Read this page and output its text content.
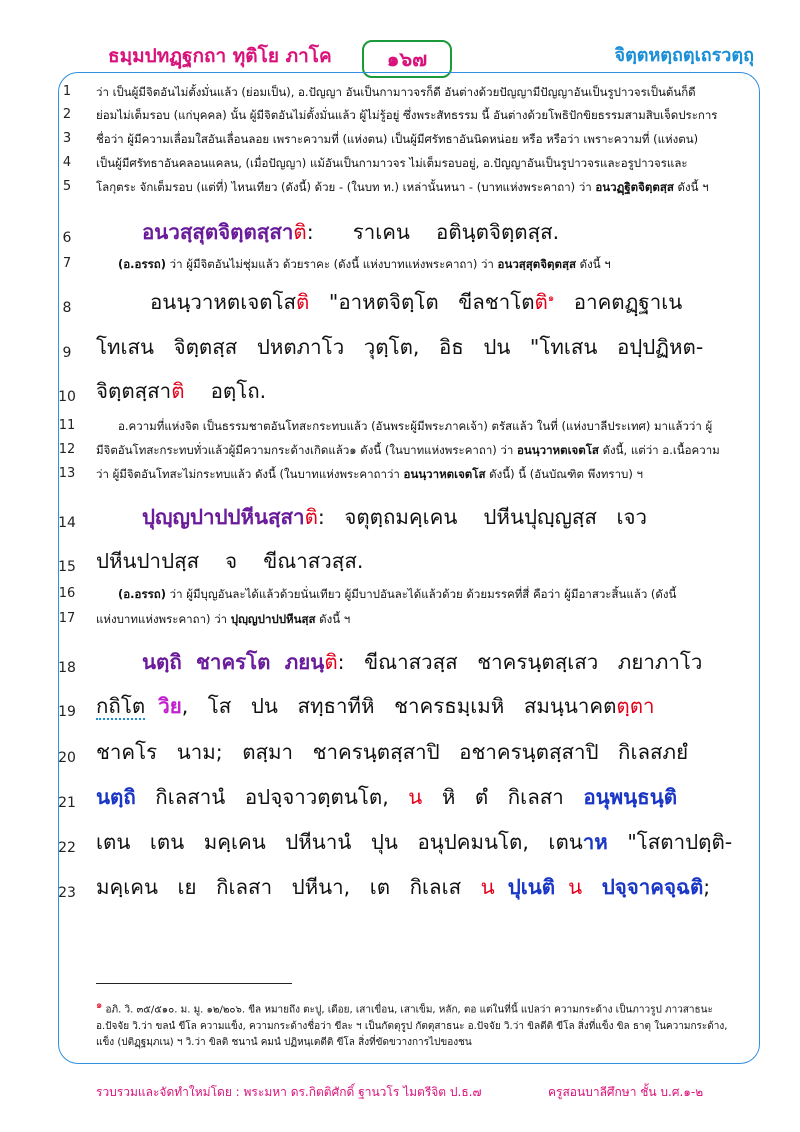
ธมฺมปทฏฺฐกถา ทุติโย ภาโค	๑๖๗	จิตฺตหตฺถตฺเถรวตฺถุ
1	ว่า เป็นผู้มีจิตอันไม่ตั้งมั่นแล้ว (ย่อมเป็น), อ.ปัญญา อันเป็นกามาวจรก็ดี อันต่างด้วยปัญญามีปัญญาอันเป็นรูปาวจรเป็นต้นก็ดี
2	ย่อมไม่เต็มรอบ (แก่บุคคล) นั้น ผู้มีจิตอันไม่ตั้งมั่นแล้ว ผู้ไม่รู้อยู่ ซึ่งพระสัทธรรม นี้ อันต่างด้วยโพธิปักขิยธรรมสามสิบเจ็ดประการ
3	ชื่อว่า ผู้มีความเลื่อมใสอันเลื่อนลอย เพราะความที่ (แห่งตน) เป็นผู้มีศรัทธาอันนิดหน่อย หรือ หรือว่า เพราะความที่ (แห่งตน)
4	เป็นผู้มีศรัทธาอันคลอนแคลน, (เมื่อปัญญา) แม้อันเป็นกามาวจร ไม่เต็มรอบอยู่, อ.ปัญญาอันเป็นรูปาวจรและอรูปาวจรและ
5	โลกุตระ จักเต็มรอบ (แต่ที่) ไหนเทียว (ดังนี้) ด้วย - (ในบท ท.) เหล่านั้นหนา - (บาทแห่งพระคาถา) ว่า อนวฏฺฐิตจิตฺตสฺส ดังนี้ ฯ
6	อนวสฺสุตจิตฺตสฺสาติ:      ราเคน    อตินฺตจิตฺตสฺส.
7	(อ.อรรถ) ว่า ผู้มีจิตอันไม่ชุ่มแล้ว ด้วยราคะ (ดังนี้ แห่งบาทแห่งพระคาถา) ว่า อนวสฺสุตจิตฺตสฺส ดังนี้ ฯ
8	อนนฺวาหตเจตโสติ   "อาหตจิตฺโต   ขีลชาโตติ$^๑$   อาคตฏฺฐาเน
9	โทเสน   จิตฺตสฺส   ปหตภาโว   วุตฺโต,   อิธ   ปน   "โทเสน   อปฺปฏิหต-
10 จิตฺตสฺสาติ    อตฺโถ.
11	อ.ความที่แห่งจิต เป็นธรรมชาตอันโทสะกระทบแล้ว (อันพระผู้มีพระภาคเจ้า) ตรัสแล้ว ในที่ (แห่งบาลีประเทศ) มาแล้วว่า ผู้
12	มีจิตอันโทสะกระทบทั่วแล้วผู้มีความกระด้างเกิดแล้ว๑ ดังนี้ (ในบาทแห่งพระคาถา) ว่า อนนฺวาหตเจตโส ดังนี้, แต่ว่า อ.เนื้อความ
13	ว่า ผู้มีจิตอันโทสะไม่กระทบแล้ว ดังนี้ (ในบาทแห่งพระคาถาว่า อนนฺวาหตเจตโส ดังนี้) นี้ (อันบัณฑิต พึงทราบ) ฯ
14	ปุญฺญปาปปหีนสฺสาติ:   จตุตฺถมคฺเคน    ปหีนปุญฺญสฺส   เจว
15 ปหีนปาปสฺส    จ    ขีณาสวสฺส.
16	(อ.อรรถ) ว่า ผู้มีบุญอันละได้แล้วด้วยนั่นเทียว ผู้มีบาปอันละได้แล้วด้วย ด้วยมรรคที่สี่ คือว่า ผู้มีอาสวะสิ้นแล้ว (ดังนี้
17	แห่งบาทแห่งพระคาถา) ว่า ปุญฺญปาปปหีนสฺส ดังนี้ ฯ
18	นตฺถิ  ชาครโต  ภยนฺติ:   ขีณาสวสฺส   ชาครนฺตสฺเสว   ภยาภาโว
19 กถิโต วิย,   โส   ปน   สทฺธาทีหิ   ชาครธมฺเมหิ   สมนฺนาคตตฺตา
20 ชาคโร   นาม;   ตสฺมา   ชาครนฺตสฺสาปิ   อชาครนฺตสฺสาปิ   กิเลสภยํ
21 นตฺถิ   กิเลสานํ   อปจฺจาวตฺตนโต,   น   หิ   ตํ   กิเลสา   อนุพนฺธนฺติ
22 เตน   เตน   มคฺเคน   ปหีนานํ   ปุน   อนุปคมนโต,   เตนาห   "โสตาปตฺติ-
23 มคฺเคน   เย   กิเลสา   ปหีนา,   เต   กิเลเส   น ปุเนติ น ปจฺจาคจฺฉติ;
$^๑$ อภิ. วิ. ๓๕/๕๑๐. ม. มู. ๑๒/๒๐๖. ขีล หมายถึง ตะปู, เดือย, เสาเขื่อน, เสาเข็ม, หลัก, ตอ แต่ในที่นี้ แปลว่า ความกระด้าง เป็นภาวรูป ภาวสาธนะ อ.ปัจจัย วิ.ว่า ขลนํ ขีโล ความแข็ง, ความกระด้างชื่อว่า ขีละ ฯ เป็นกัตตุรูป กัตตุสาธนะ อ.ปัจจัย วิ.ว่า ขิลตีติ ขีโล สิ่งที่แข็ง ขิล ธาตุ ในความกระด้าง, แข็ง (ปติฏฺฐมฺภเน) ฯ วิ.ว่า ขิลติ ชนานํ คมนํ ปฏิหนฺเตตีติ ขีโล สิ่งที่ขัดขวางการไปของชน
รวบรวมและจัดทำใหม่โดย : พระมหา ดร.กิตติศักดิ์ ฐานวโร ไมตรีจิต ป.ธ.๗	ครูสอนบาลีศึกษา ชั้น บ.ศ.๑-๒
